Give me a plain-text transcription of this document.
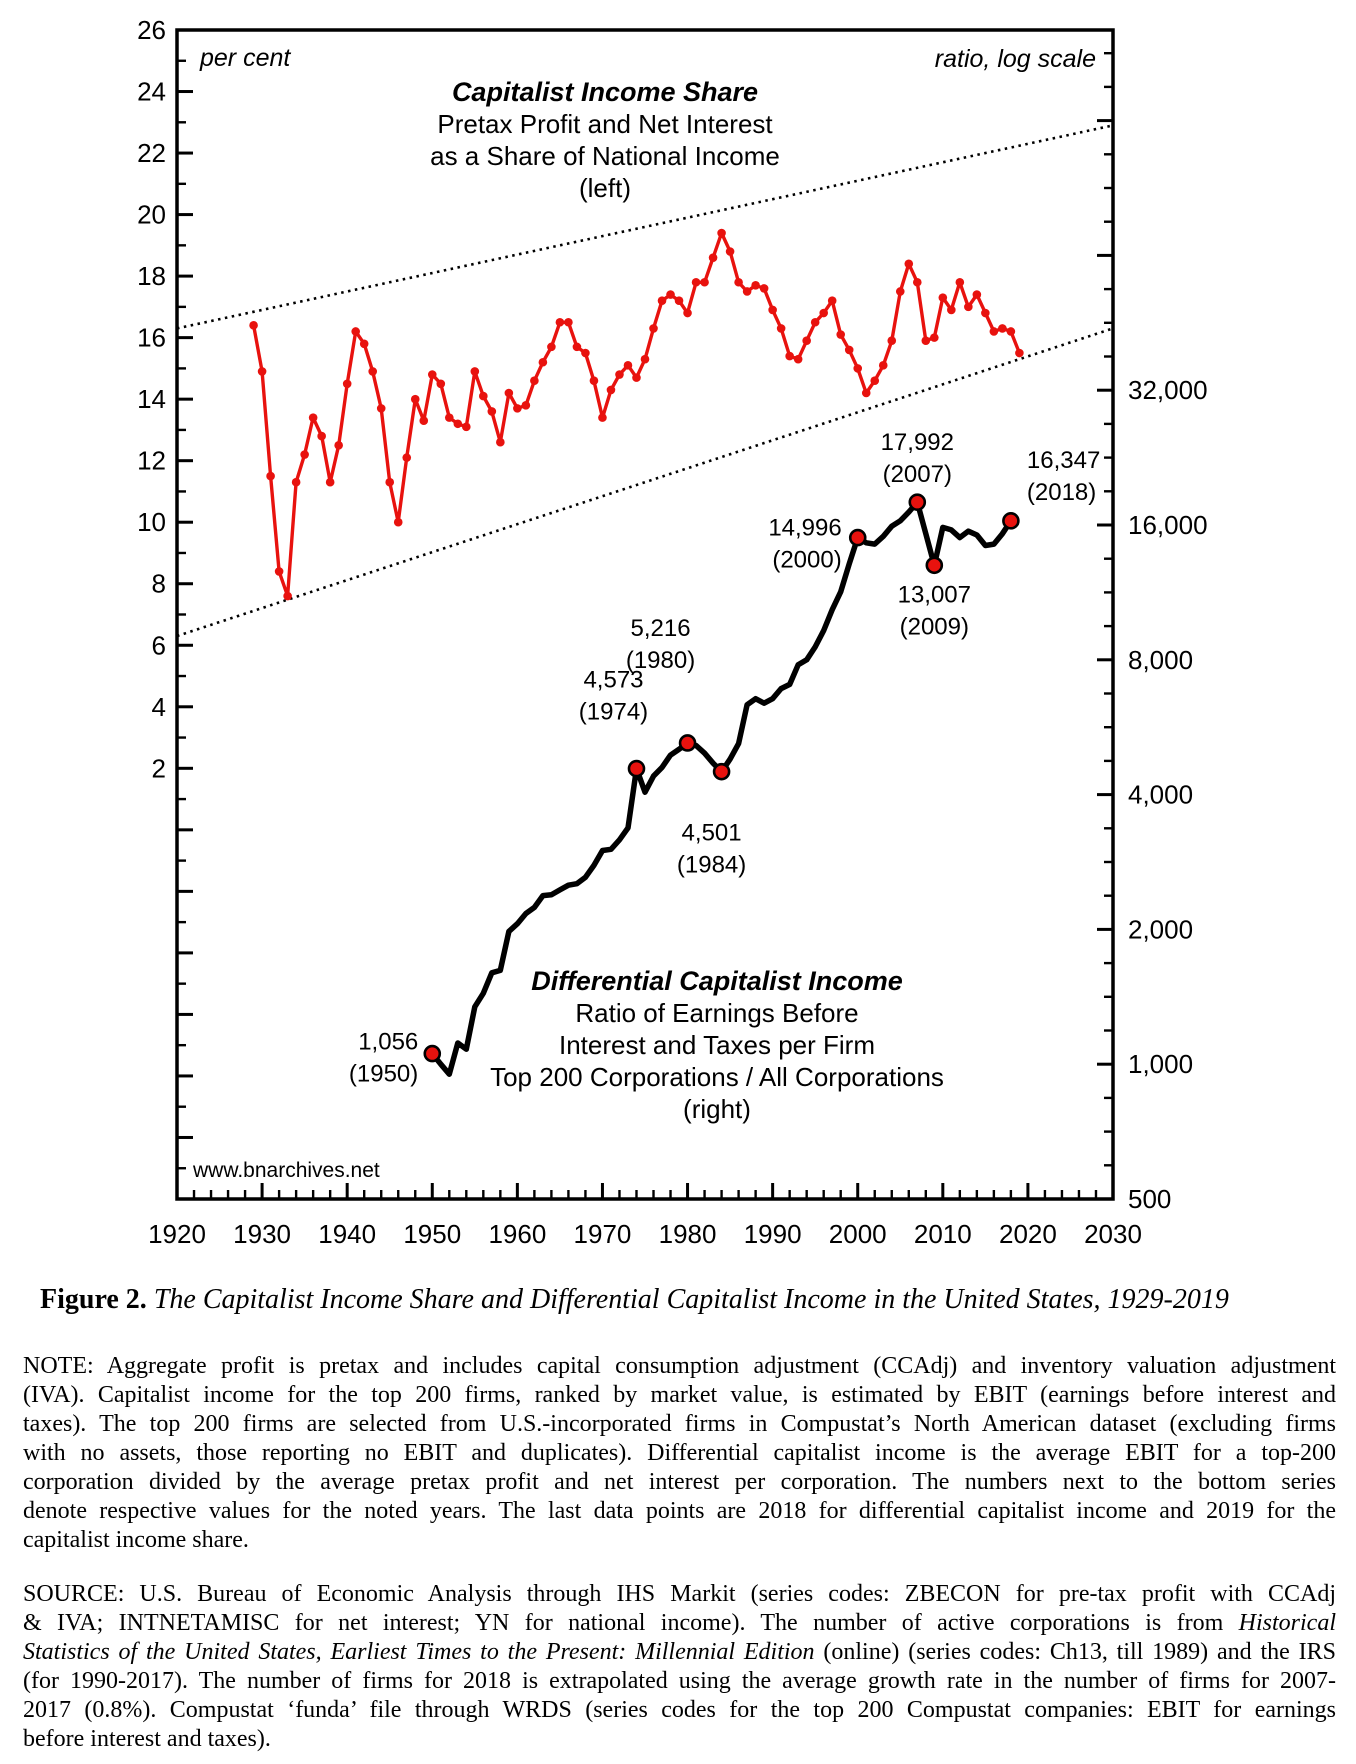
1920 1930 1940 1950 1960 1970 1980 1990 2000 2010 2020 2030
26
24
22
20
18
16
14
12
10
8
6
4
2
32,000
16,000
8,000
4,000
2,000
1,000
500
1,056
(1950)
4,573
(1974)
5,216
(1980)
4,501
(1984)
14,996
(2000)
17,992
(2007)
13,007
(2009)
16,347
(2018)
per cent	ratio, log scale
Capitalist Income Share
Pretax Profit and Net Interest
as a Share of National Income
(left)
Differential Capitalist Income
Ratio of Earnings Before
Interest and Taxes per Firm
Top 200 Corporations / All Corporations
(right)
www.bnarchives.net
Figure 2. The Capitalist Income Share and Differential Capitalist Income in the United States, 1929-2019
NOTE: Aggregate profit is pretax and includes capital consumption adjustment (CCAdj) and inventory valuation adjustment
(IVA). Capitalist income for the top 200 firms, ranked by market value, is estimated by EBIT (earnings before interest and
taxes). The top 200 firms are selected from U.S.-incorporated firms in Compustat’s North American dataset (excluding firms
with no assets, those reporting no EBIT and duplicates). Differential capitalist income is the average EBIT for a top-200
corporation divided by the average pretax profit and net interest per corporation. The numbers next to the bottom series
denote respective values for the noted years. The last data points are 2018 for differential capitalist income and 2019 for the
capitalist income share.
SOURCE: U.S. Bureau of Economic Analysis through IHS Markit (series codes: ZBECON for pre-tax profit with CCAdj
& IVA; INTNETAMISC for net interest; YN for national income). The number of active corporations is from Historical
Statistics of the United States, Earliest Times to the Present: Millennial Edition (online) (series codes: Ch13, till 1989) and the IRS
(for 1990-2017). The number of firms for 2018 is extrapolated using the average growth rate in the number of firms for 2007-
2017 (0.8%). Compustat ‘funda’ file through WRDS (series codes for the top 200 Compustat companies: EBIT for earnings
before interest and taxes).
